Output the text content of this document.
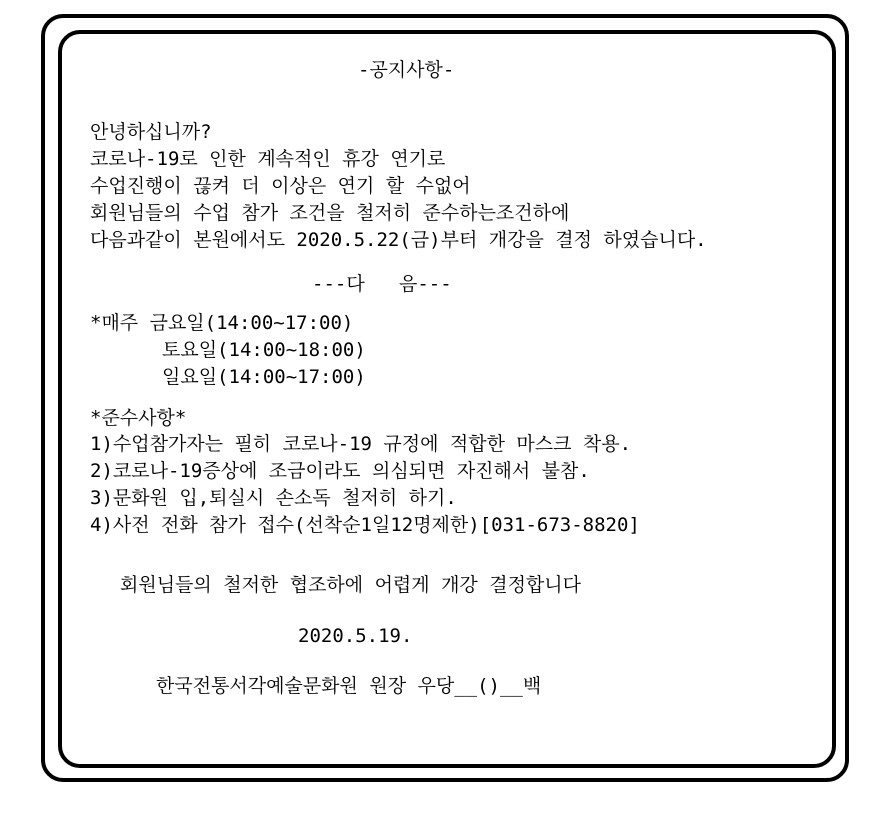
-공지사항-
안녕하십니까?
코로나-19로 인한 계속적인 휴강 연기로
수업진행이 끊켜 더 이상은 연기 할 수없어
회원님들의 수업 참가 조건을 철저히 준수하는조건하에
다음과같이 본원에서도 2020.5.22(금)부터 개강을 결정 하였습니다.
---다   음---
*매주 금요일(14:00~17:00)
토요일(14:00~18:00)
일요일(14:00~17:00)
*준수사항*
1)수업참가자는 필히 코로나-19 규정에 적합한 마스크 착용.
2)코로나-19증상에 조금이라도 의심되면 자진해서 불참.
3)문화원 입,퇴실시 손소독 철저히 하기.
4)사전 전화 참가 접수(선착순1일12명제한)[031-673-8820]
회원님들의 철저한 협조하에 어렵게 개강 결정합니다
2020.5.19.
한국전통서각예술문화원 원장 우당__()__백
